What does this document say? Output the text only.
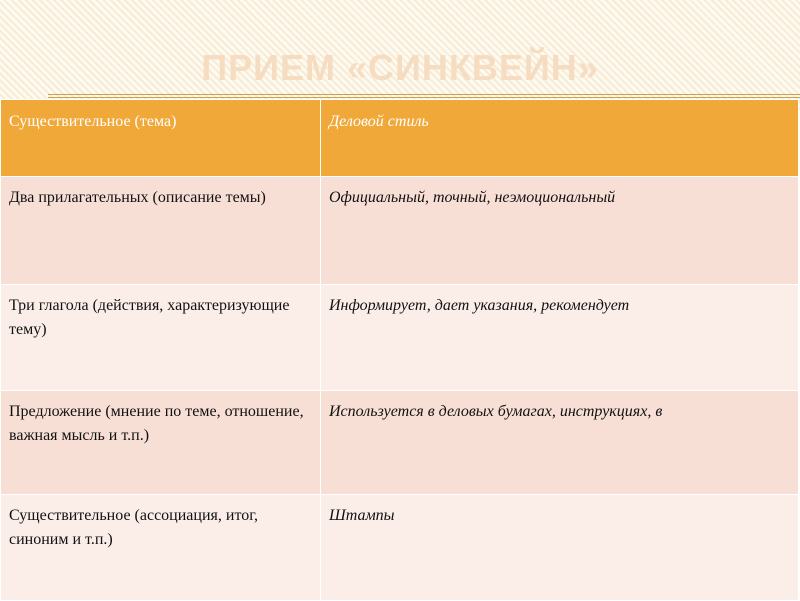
ПРИЕМ «СИНКВЕЙН»
Существительное (тема)	Деловой стиль
Два прилагательных (описание темы)	Официальный, точный, неэмоциональный
Три глагола (действия, характеризующие тему)	Информирует, дает указания, рекомендует
Предложение (мнение по теме, отношение, важная мысль и т.п.)	Используется в деловых бумагах, инструкциях, в
Существительное (ассоциация, итог, синоним и т.п.)	Штампы
